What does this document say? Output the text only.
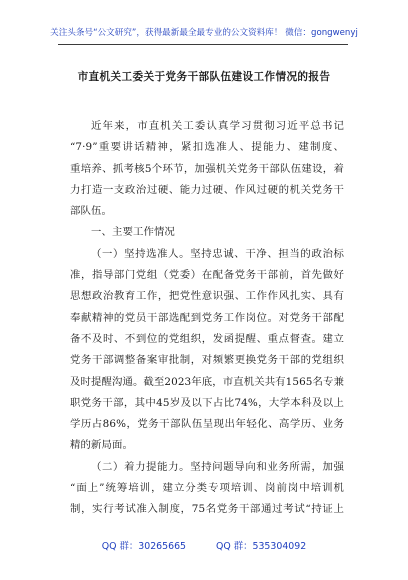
关注头条号“公文研究”，获得最新最全最专业的公文资料库！ 微信：gongwenyj
市直机关工委关于党务干部队伍建设工作情况的报告
近年来，市直机关工委认真学习贯彻习近平总书记
“7·9”重要讲话精神，紧扣选准人、提能力、建制度、
重培养、抓考核5个环节，加强机关党务干部队伍建设，着
力打造一支政治过硬、能力过硬、作风过硬的机关党务干
部队伍。
一、主要工作情况
（一）坚持选准人。坚持忠诚、干净、担当的政治标
准，指导部门党组（党委）在配备党务干部前，首先做好
思想政治教育工作，把党性意识强、工作作风扎实、具有
奉献精神的党员干部选配到党务工作岗位。对党务干部配
备不及时、不到位的党组织，发函提醒、重点督查。建立
党务干部调整备案审批制，对频繁更换党务干部的党组织
及时提醒沟通。截至2023年底，市直机关共有1565名专兼
职党务干部，其中45岁及以下占比74%，大学本科及以上
学历占86%，党务干部队伍呈现出年轻化、高学历、业务
精的新局面。
（二）着力提能力。坚持问题导向和业务所需，加强
“面上”统筹培训，建立分类专项培训、岗前岗中培训机
制，实行考试准入制度，75名党务干部通过考试“持证上
QQ 群：30265665	QQ 群：535304092
